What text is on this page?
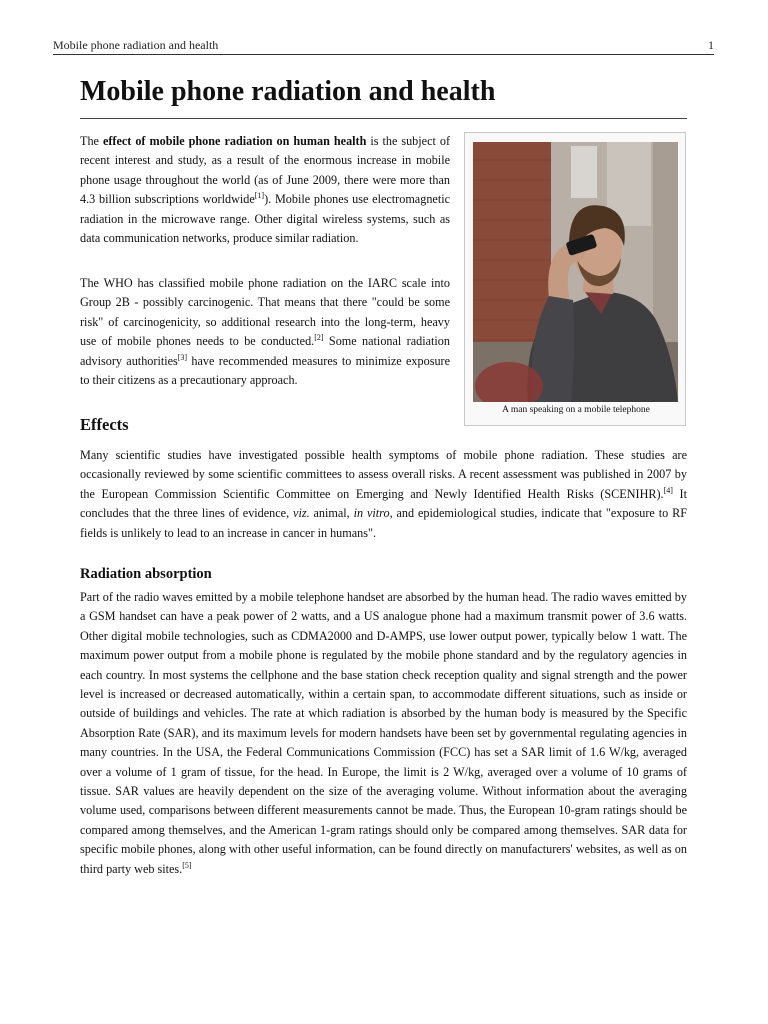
Mobile phone radiation and health	1
Mobile phone radiation and health

The effect of mobile phone radiation on human health is the subject of recent interest and study, as a result of the enormous increase in mobile phone usage throughout the world (as of June 2009, there were more than 4.3 billion subscriptions worldwide[1]). Mobile phones use electromagnetic radiation in the microwave range. Other digital wireless systems, such as data communication networks, produce similar radiation.

The WHO has classified mobile phone radiation on the IARC scale into Group 2B - possibly carcinogenic. That means that there "could be some risk" of carcinogenicity, so additional research into the long-term, heavy use of mobile phones needs to be conducted.[2] Some national radiation advisory authorities[3] have recommended measures to minimize exposure to their citizens as a precautionary approach.

A man speaking on a mobile telephone
Effects

Many scientific studies have investigated possible health symptoms of mobile phone radiation. These studies are occasionally reviewed by some scientific committees to assess overall risks. A recent assessment was published in 2007 by the European Commission Scientific Committee on Emerging and Newly Identified Health Risks (SCENIHR).[4] It concludes that the three lines of evidence, viz. animal, in vitro, and epidemiological studies, indicate that "exposure to RF fields is unlikely to lead to an increase in cancer in humans".

Radiation absorption

Part of the radio waves emitted by a mobile telephone handset are absorbed by the human head. The radio waves emitted by a GSM handset can have a peak power of 2 watts, and a US analogue phone had a maximum transmit power of 3.6 watts. Other digital mobile technologies, such as CDMA2000 and D-AMPS, use lower output power, typically below 1 watt. The maximum power output from a mobile phone is regulated by the mobile phone standard and by the regulatory agencies in each country. In most systems the cellphone and the base station check reception quality and signal strength and the power level is increased or decreased automatically, within a certain span, to accommodate different situations, such as inside or outside of buildings and vehicles. The rate at which radiation is absorbed by the human body is measured by the Specific Absorption Rate (SAR), and its maximum levels for modern handsets have been set by governmental regulating agencies in many countries. In the USA, the Federal Communications Commission (FCC) has set a SAR limit of 1.6 W/kg, averaged over a volume of 1 gram of tissue, for the head. In Europe, the limit is 2 W/kg, averaged over a volume of 10 grams of tissue. SAR values are heavily dependent on the size of the averaging volume. Without information about the averaging volume used, comparisons between different measurements cannot be made. Thus, the European 10-gram ratings should be compared among themselves, and the American 1-gram ratings should only be compared among themselves. SAR data for specific mobile phones, along with other useful information, can be found directly on manufacturers' websites, as well as on third party web sites.[5]
